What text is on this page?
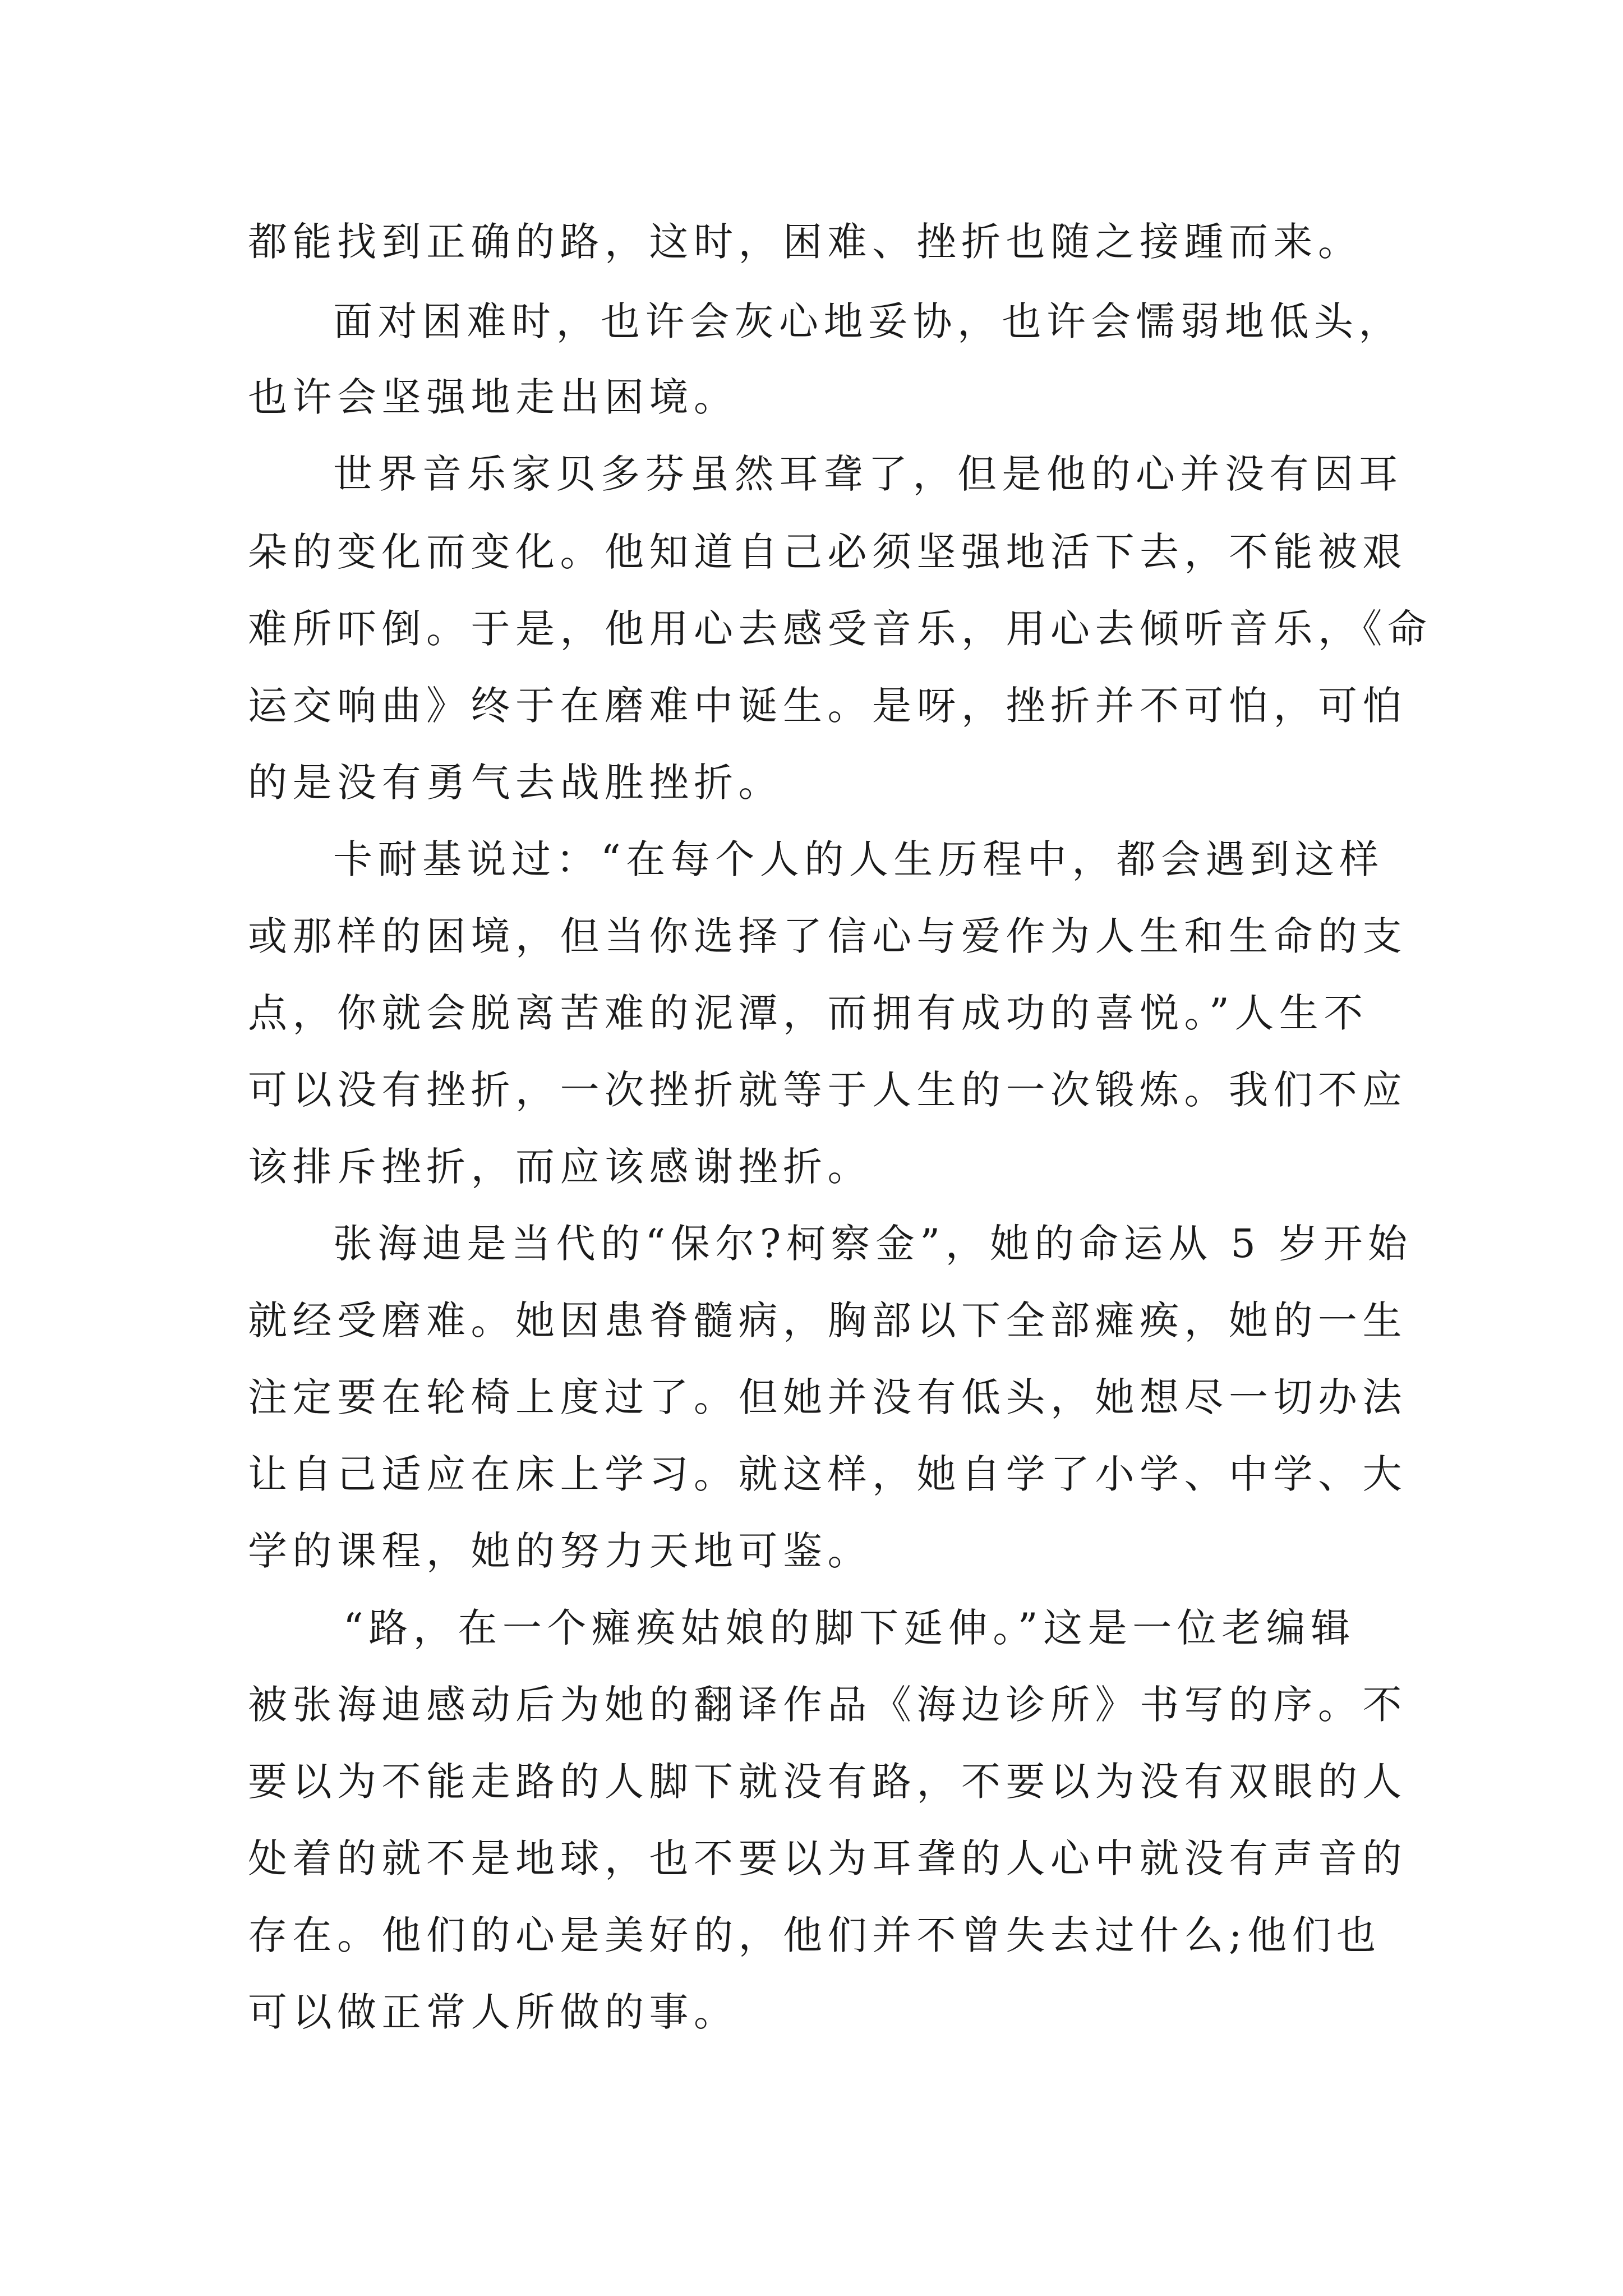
都能找到正确的路，这时，困难、挫折也随之接踵而来。

面对困难时，也许会灰心地妥协，也许会懦弱地低头，

也许会坚强地走出困境。

世界音乐家贝多芬虽然耳聋了，但是他的心并没有因耳

朵的变化而变化。他知道自己必须坚强地活下去，不能被艰

难所吓倒。于是，他用心去感受音乐，用心去倾听音乐，《命

运交响曲》终于在磨难中诞生。是呀，挫折并不可怕，可怕

的是没有勇气去战胜挫折。

卡耐基说过：“在每个人的人生历程中，都会遇到这样

或那样的困境，但当你选择了信心与爱作为人生和生命的支

点，你就会脱离苦难的泥潭，而拥有成功的喜悦。”人生不

可以没有挫折，一次挫折就等于人生的一次锻炼。我们不应

该排斥挫折，而应该感谢挫折。

张海迪是当代的“保尔?柯察金”，她的命运从 5 岁开始

就经受磨难。她因患脊髓病，胸部以下全部瘫痪，她的一生

注定要在轮椅上度过了。但她并没有低头，她想尽一切办法

让自己适应在床上学习。就这样，她自学了小学、中学、大

学的课程，她的努力天地可鉴。

“路，在一个瘫痪姑娘的脚下延伸。”这是一位老编辑

被张海迪感动后为她的翻译作品《海边诊所》书写的序。不

要以为不能走路的人脚下就没有路，不要以为没有双眼的人

处着的就不是地球，也不要以为耳聋的人心中就没有声音的

存在。他们的心是美好的，他们并不曾失去过什么;他们也

可以做正常人所做的事。
